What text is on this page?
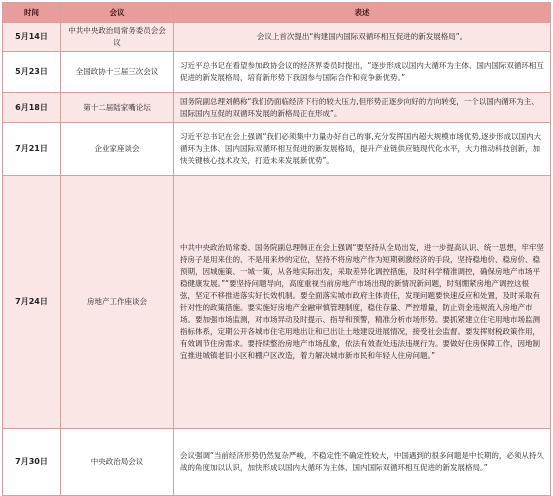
时间	会议	表述
5月14日	中共中央政治局常务委员会会议	会议上首次提出“构建国内国际双循环相互促进的新发展格局”。
5月23日	全国政协十三届三次会议	习近平总书记在看望参加政协会议的经济界委员时提出，“逐步形成以国内大循环为主体、国内国际双循环相互促进的新发展格局，培育新形势下我国参与国际合作和竞争新优势。”
6月18日	第十二届陆家嘴论坛	国务院副总理刘鹤称“我们仍面临经济下行的较大压力,但形势正逐步向好的方向转变，一个以国内循环为主、国际国内互促的双循环发展的新格局正在形成”。
7月21日	企业家座谈会	习近平总书记在会上强调“我们必须集中力量办好自己的事,充分发挥国内超大规模市场优势,逐步形成以国内大循环为主体、国内国际双循环相互促进的新发展格局，提升产业链供应链现代化水平，大力推动科技创新，加快关键核心技术攻关，打造未来发展新优势”。
7月24日	房地产工作座谈会	中共中央政治局常委、国务院副总理韩正在会上强调“要坚持从全局出发，进一步提高认识、统一思想，牢牢坚持房子是用来住的、不是用来炒的定位，坚持不将房地产作为短期刺激经济的手段，坚持稳地价、稳房价、稳预期，因城施策、一城一策，从各地实际出发，采取差异化调控措施，及时科学精准调控，确保房地产市场平稳健康发展。”“要坚持问题导向，高度重视当前房地产市场出现的新情况新问题，时刻绷紧房地产调控这根弦，坚定不移推进落实好长效机制。要全面落实城市政府主体责任，发现问题要快速反应和处置，及时采取有针对性的政策措施。要实施好房地产金融审慎管理制度，稳住存量、严控增量，防止资金违规流入房地产市场。要加强市场监测，对市场异动及时提示、指导和预警，精准分析市场形势。要抓紧建立住宅用地市场监测指标体系，定期公开各城市住宅用地出让和已出让土地建设进展情况，接受社会监督。要发挥财税政策作用，有效调节住房需求。要持续整治房地产市场乱象，依法有效查处违法违规行为。要做好住房保障工作，因地制宜推进城镇老旧小区和棚户区改造，着力解决城市新市民和年轻人住房问题。”
7月30日	中央政治局会议	会议强调“当前经济形势仍然复杂严峻，不稳定性不确定性较大，中国遇到的很多问题是中长期的，必须从持久战的角度加以认识，加快形成以国内大循环为主体、国内国际双循环相互促进的新发展格局。”
